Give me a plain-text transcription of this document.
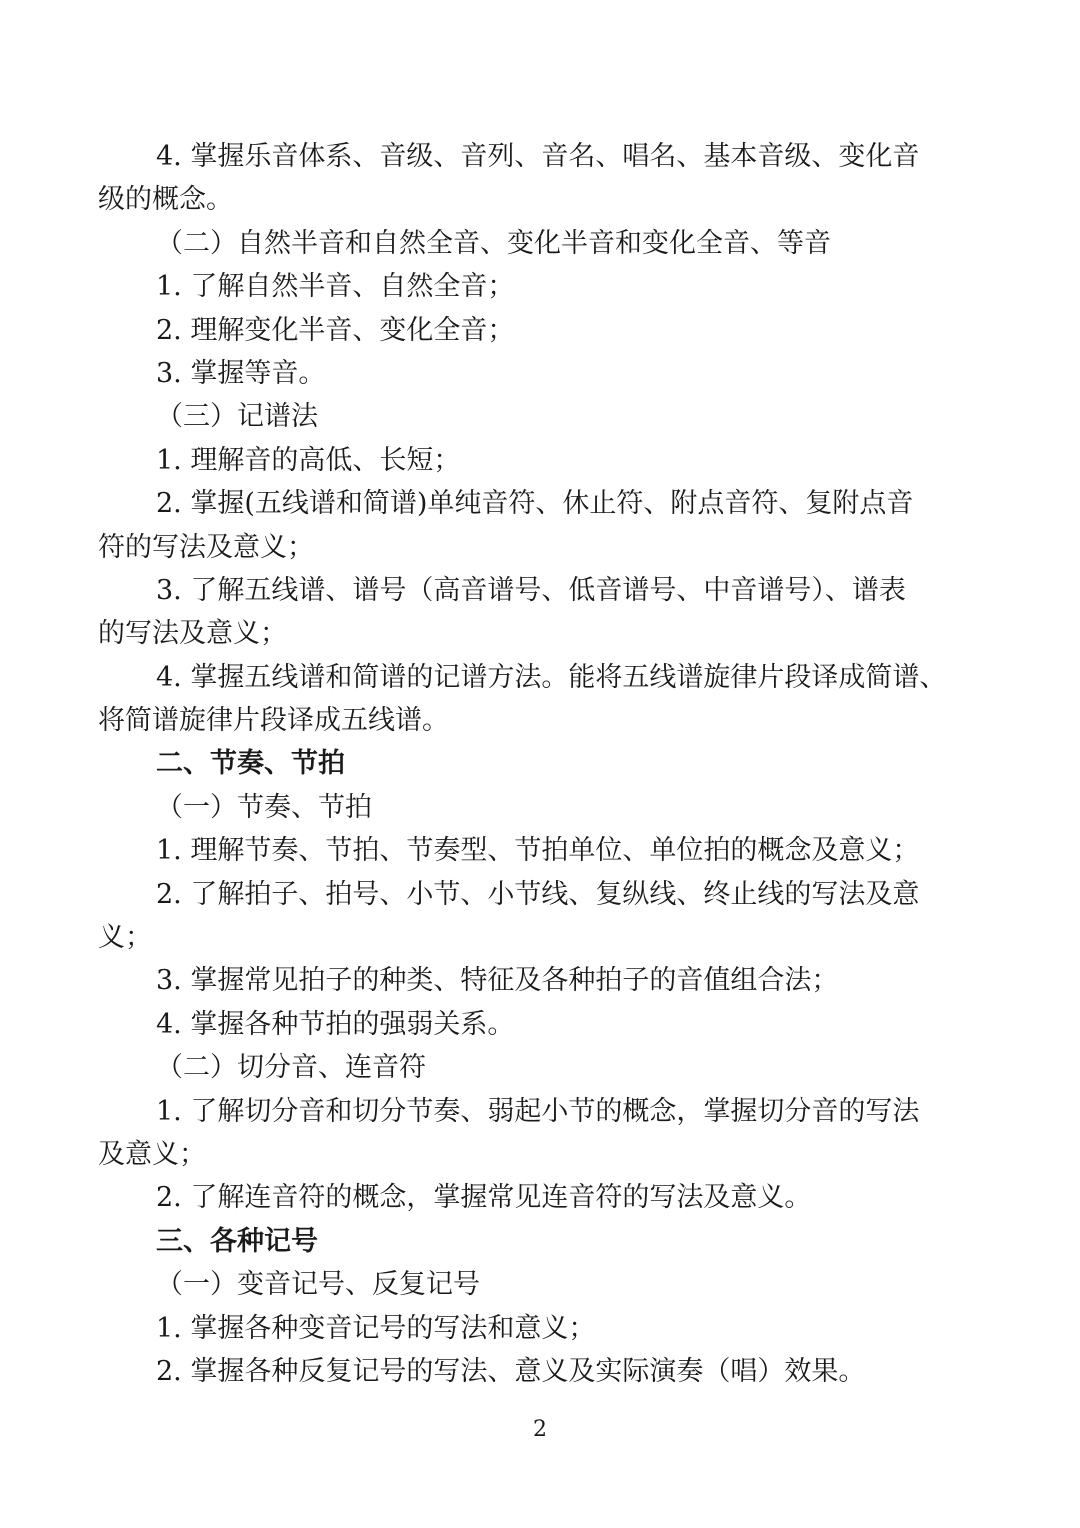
4. 掌握乐音体系、音级、音列、音名、唱名、基本音级、变化音
级的概念。
（二）自然半音和自然全音、变化半音和变化全音、等音
1. 了解自然半音、自然全音；
2. 理解变化半音、变化全音；
3. 掌握等音。
（三）记谱法
1. 理解音的高低、长短；
2. 掌握(五线谱和简谱)单纯音符、休止符、附点音符、复附点音
符的写法及意义；
3. 了解五线谱、谱号（高音谱号、低音谱号、中音谱号）、谱表
的写法及意义；
4. 掌握五线谱和简谱的记谱方法。能将五线谱旋律片段译成简谱、
将简谱旋律片段译成五线谱。
二、节奏、节拍
（一）节奏、节拍
1. 理解节奏、节拍、节奏型、节拍单位、单位拍的概念及意义；
2. 了解拍子、拍号、小节、小节线、复纵线、终止线的写法及意
义；
3. 掌握常见拍子的种类、特征及各种拍子的音值组合法；
4. 掌握各种节拍的强弱关系。
（二）切分音、连音符
1. 了解切分音和切分节奏、弱起小节的概念，掌握切分音的写法
及意义；
2. 了解连音符的概念，掌握常见连音符的写法及意义。
三、各种记号
（一）变音记号、反复记号
1. 掌握各种变音记号的写法和意义；
2. 掌握各种反复记号的写法、意义及实际演奏（唱）效果。
2
